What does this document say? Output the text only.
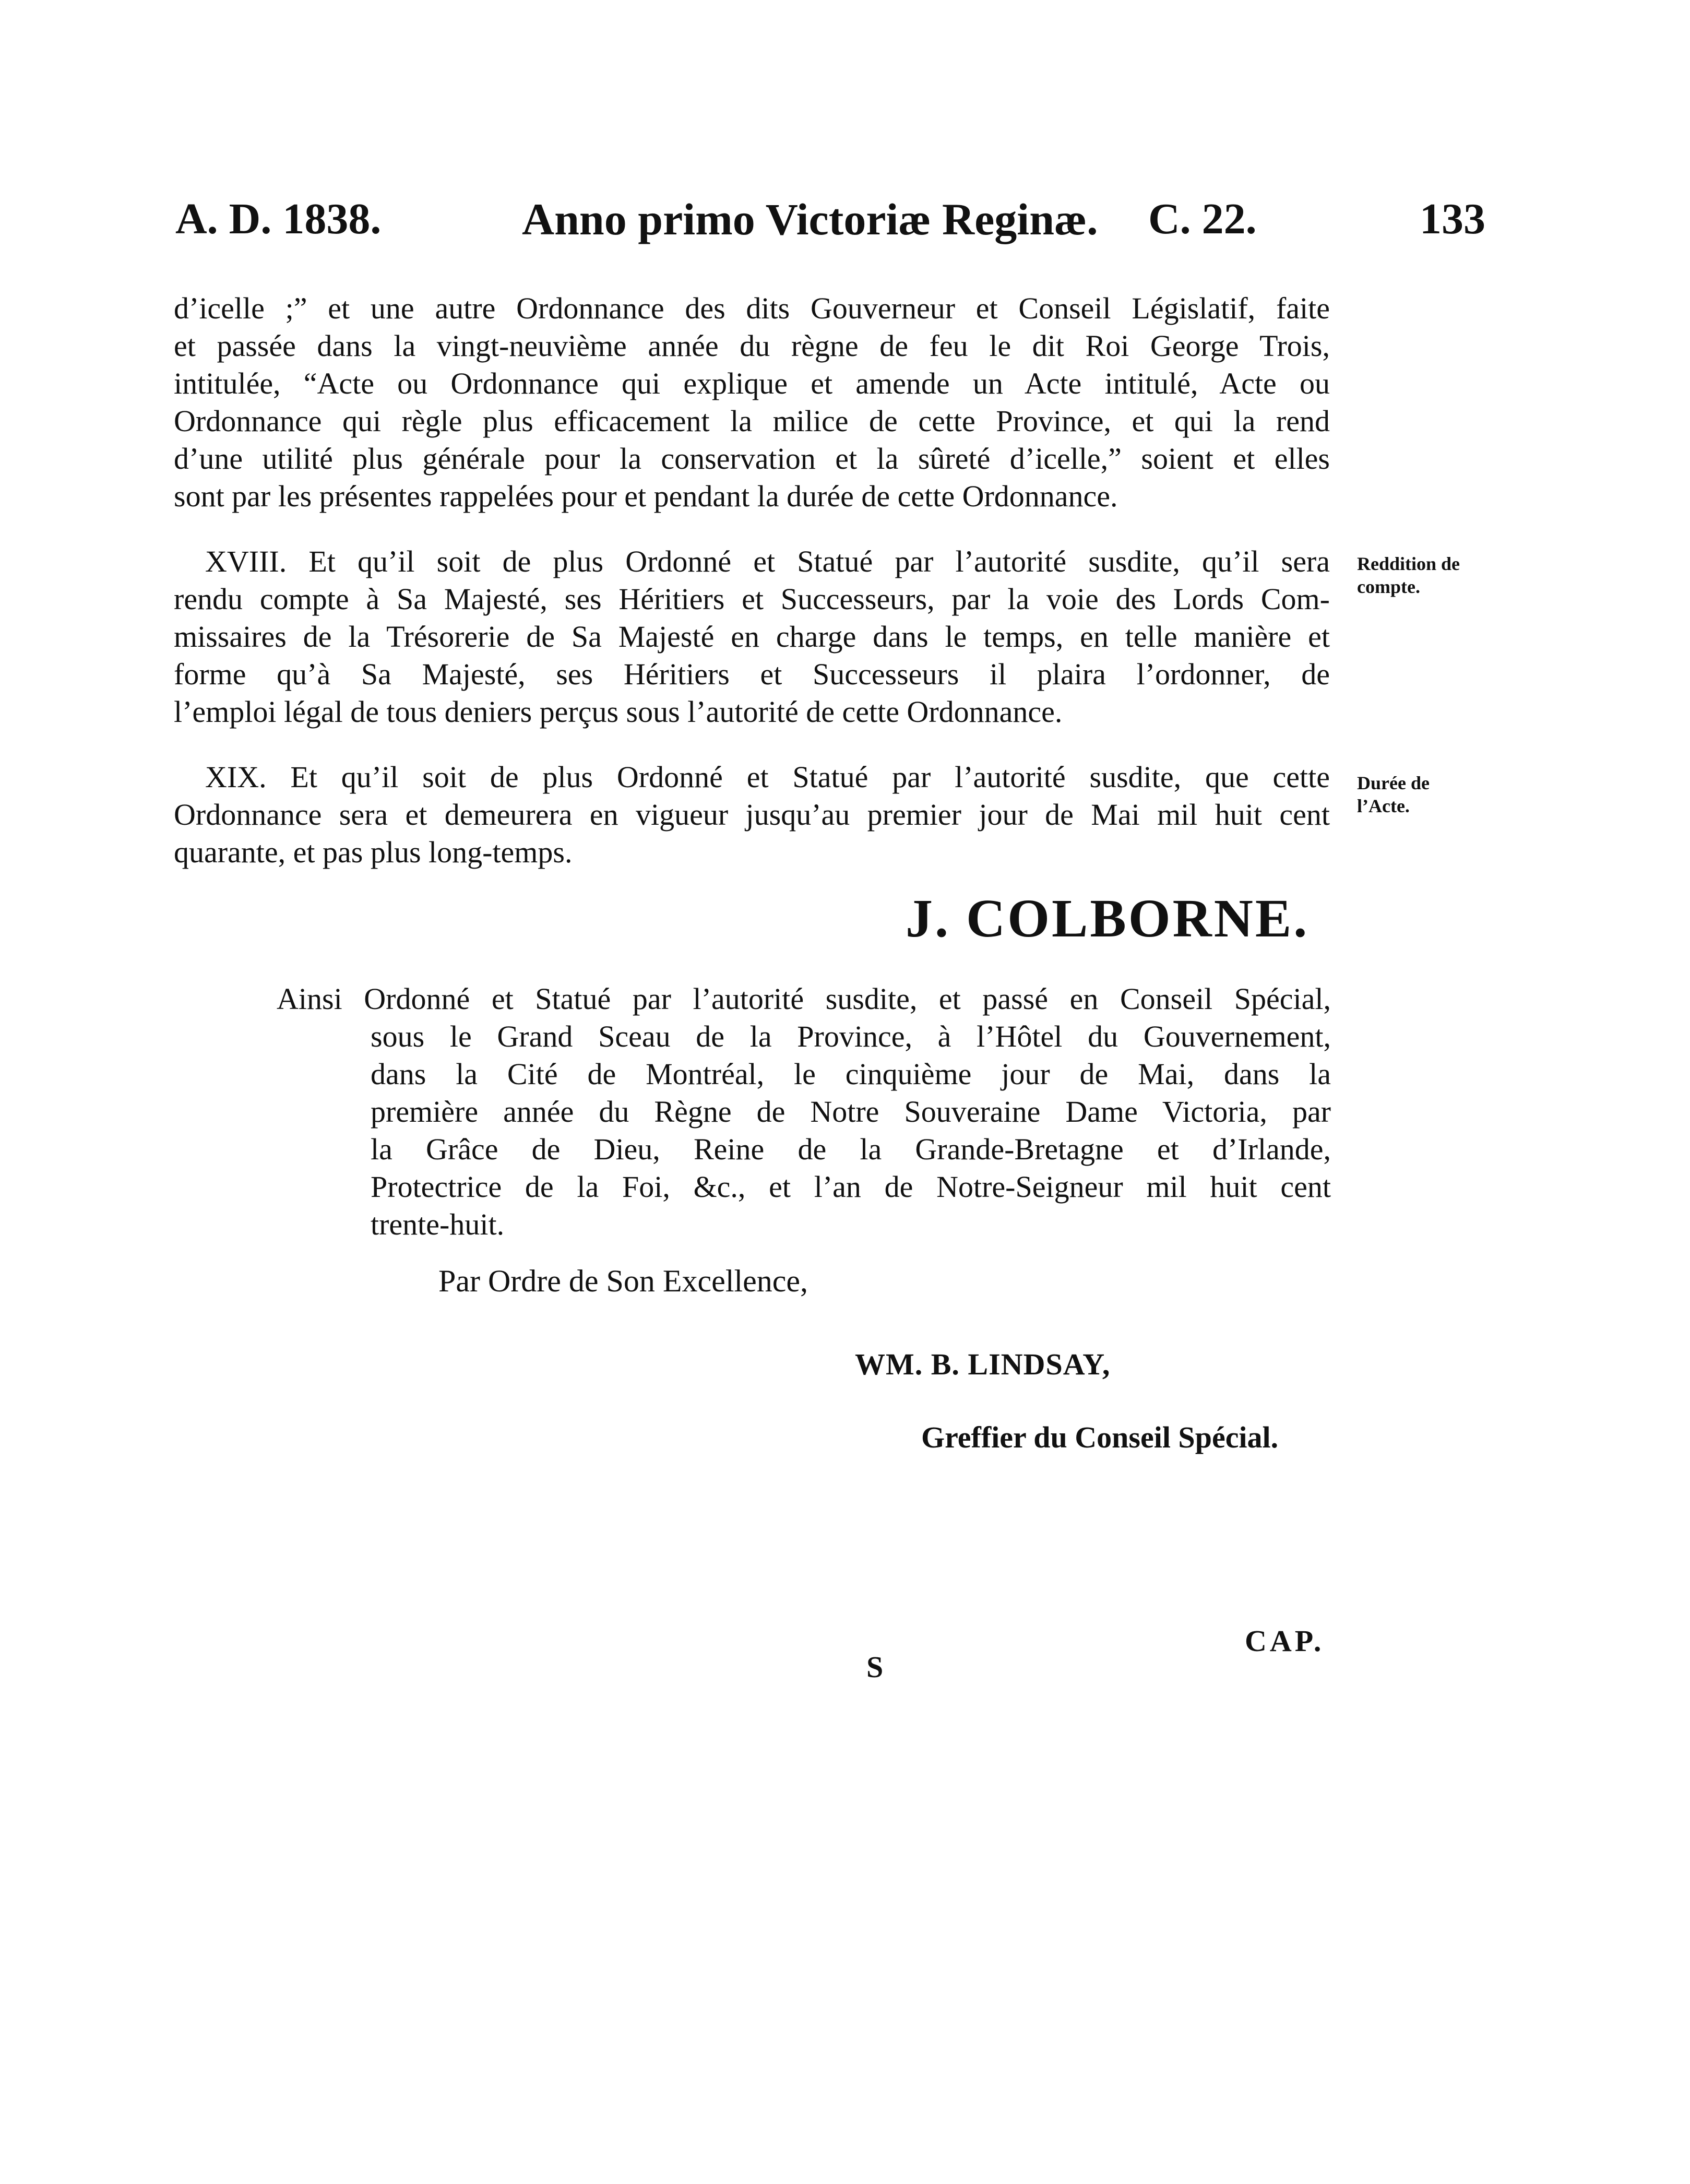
A. D. 1838.	Anno primo Victoriæ Reginæ. C. 22.	133
d’icelle ;” et une autre Ordonnance des dits Gouverneur et Conseil Législatif, faite
et passée dans la vingt-neuvième année du règne de feu le dit Roi George Trois,
intitulée, “Acte ou Ordonnance qui explique et amende un Acte intitulé, Acte ou
Ordonnance qui règle plus efficacement la milice de cette Province, et qui la rend
d’une utilité plus générale pour la conservation et la sûreté d’icelle,” soient et elles
sont par les présentes rappelées pour et pendant la durée de cette Ordonnance.
XVIII. Et qu’il soit de plus Ordonné et Statué par l’autorité susdite, qu’il sera
rendu compte à Sa Majesté, ses Héritiers et Successeurs, par la voie des Lords Com-
missaires de la Trésorerie de Sa Majesté en charge dans le temps, en telle manière et
forme qu’à Sa Majesté, ses Héritiers et Successeurs il plaira l’ordonner, de
l’emploi légal de tous deniers perçus sous l’autorité de cette Ordonnance.
Reddition de
compte.
XIX. Et qu’il soit de plus Ordonné et Statué par l’autorité susdite, que cette
Ordonnance sera et demeurera en vigueur jusqu’au premier jour de Mai mil huit cent
quarante, et pas plus long-temps.
Durée de
l’Acte.
J. COLBORNE.
Ainsi Ordonné et Statué par l’autorité susdite, et passé en Conseil Spécial,
sous le Grand Sceau de la Province, à l’Hôtel du Gouvernement,
dans la Cité de Montréal, le cinquième jour de Mai, dans la
première année du Règne de Notre Souveraine Dame Victoria, par
la Grâce de Dieu, Reine de la Grande-Bretagne et d’Irlande,
Protectrice de la Foi, &c., et l’an de Notre-Seigneur mil huit cent
trente-huit.
Par Ordre de Son Excellence,
WM. B. LINDSAY,
Greffier du Conseil Spécial.
CAP.
S
